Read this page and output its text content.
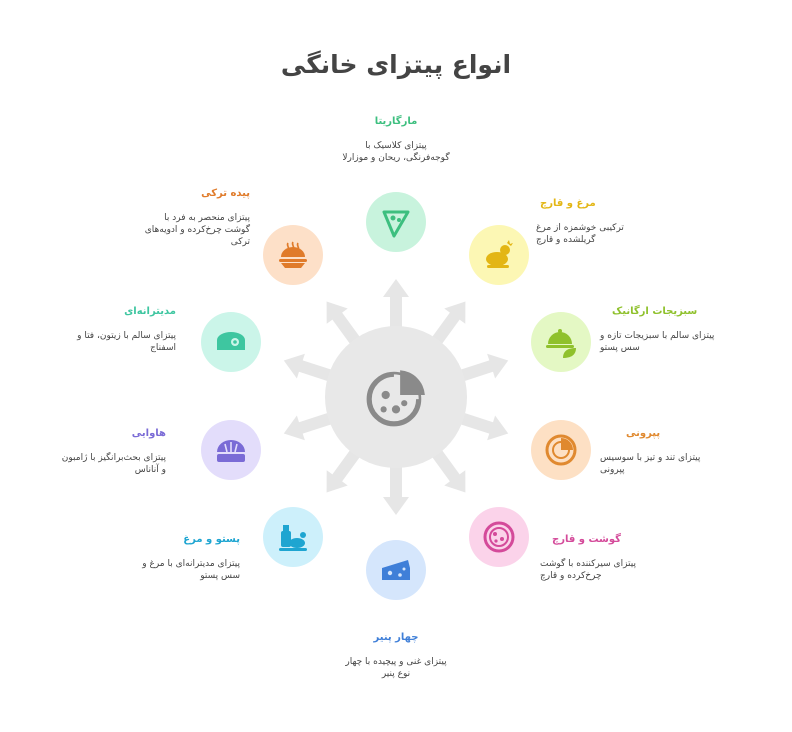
انواع پیتزای خانگی
مارگاریتا
پیتزای کلاسیک با
گوجه‌فرنگی، ریحان و موزارلا
مرغ و قارچ
ترکیبی خوشمزه از مرغ
گریلشده و قارچ
سبزیجات ارگانیک
پیتزای سالم با سبزیجات تازه و
سس پستو
پپرونی
پیتزای تند و تیز با سوسیس
پپرونی
گوشت و قارچ
پیتزای سیرکننده با گوشت
چرخ‌کرده و قارچ
چهار پنیر
پیتزای غنی و پیچیده با چهار
نوع پنیر
پستو و مرغ
پیتزای مدیترانه‌ای با مرغ و
سس پستو
هاوایی
پیتزای بحث‌برانگیز با ژامبون
و آناناس
مدیترانه‌ای
پیتزای سالم با زیتون، فتا و
اسفناج
پیده ترکی
پیتزای منحصر به فرد با
گوشت چرخ‌کرده و ادویه‌های
ترکی
